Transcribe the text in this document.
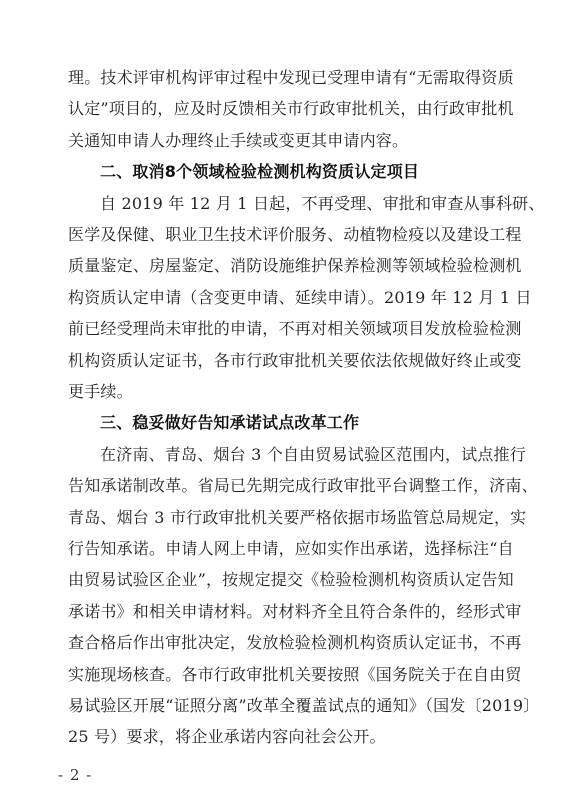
理。技术评审机构评审过程中发现已受理申请有“无需取得资质
认定”项目的，应及时反馈相关市行政审批机关，由行政审批机
关通知申请人办理终止手续或变更其申请内容。
二、取消8个领域检验检测机构资质认定项目
自 2019 年 12 月 1 日起，不再受理、审批和审查从事科研、
医学及保健、职业卫生技术评价服务、动植物检疫以及建设工程
质量鉴定、房屋鉴定、消防设施维护保养检测等领域检验检测机
构资质认定申请（含变更申请、延续申请）。2019 年 12 月 1 日
前已经受理尚未审批的申请，不再对相关领域项目发放检验检测
机构资质认定证书，各市行政审批机关要依法依规做好终止或变
更手续。
三、稳妥做好告知承诺试点改革工作
在济南、青岛、烟台 3 个自由贸易试验区范围内，试点推行
告知承诺制改革。省局已先期完成行政审批平台调整工作，济南、
青岛、烟台 3 市行政审批机关要严格依据市场监管总局规定，实
行告知承诺。申请人网上申请，应如实作出承诺，选择标注“自
由贸易试验区企业”，按规定提交《检验检测机构资质认定告知
承诺书》和相关申请材料。对材料齐全且符合条件的，经形式审
查合格后作出审批决定，发放检验检测机构资质认定证书，不再
实施现场核查。各市行政审批机关要按照《国务院关于在自由贸
易试验区开展“证照分离”改革全覆盖试点的通知》（国发〔2019〕
25 号）要求，将企业承诺内容向社会公开。
- 2 -
